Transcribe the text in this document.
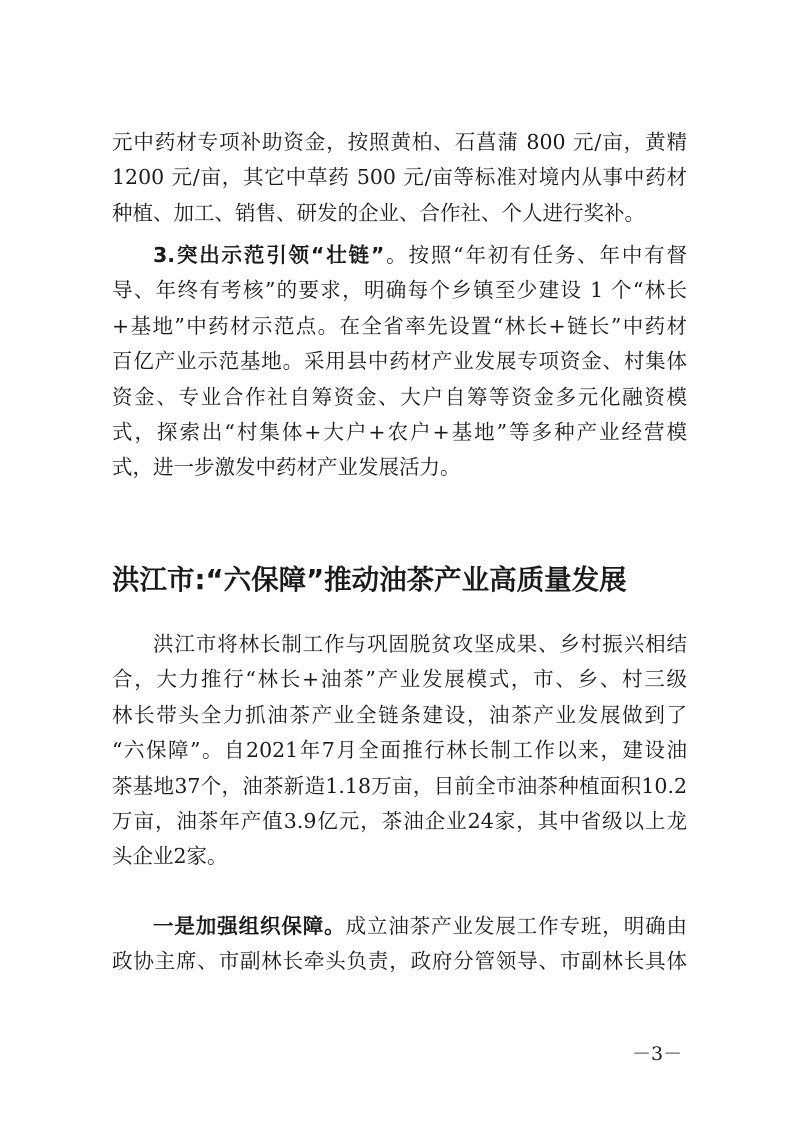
元中药材专项补助资金，按照黄柏、石菖蒲 800 元/亩，黄精
1200 元/亩，其它中草药 500 元/亩等标准对境内从事中药材
种植、加工、销售、研发的企业、合作社、个人进行奖补。
3.突出示范引领“壮链”。按照“年初有任务、年中有督
导、年终有考核”的要求，明确每个乡镇至少建设 1 个“林长
+基地”中药材示范点。在全省率先设置“林长+链长”中药材
百亿产业示范基地。采用县中药材产业发展专项资金、村集体
资金、专业合作社自筹资金、大户自筹等资金多元化融资模
式，探索出“村集体+大户+农户+基地”等多种产业经营模
式，进一步激发中药材产业发展活力。
洪江市:“六保障”推动油茶产业高质量发展
洪江市将林长制工作与巩固脱贫攻坚成果、乡村振兴相结
合，大力推行“林长+油茶”产业发展模式，市、乡、村三级
林长带头全力抓油茶产业全链条建设，油茶产业发展做到了
“六保障”。自2021年7月全面推行林长制工作以来，建设油
茶基地37个，油茶新造1.18万亩，目前全市油茶种植面积10.2
万亩，油茶年产值3.9亿元，茶油企业24家，其中省级以上龙
头企业2家。
一是加强组织保障。成立油茶产业发展工作专班，明确由
政协主席、市副林长牵头负责，政府分管领导、市副林长具体
－3－
